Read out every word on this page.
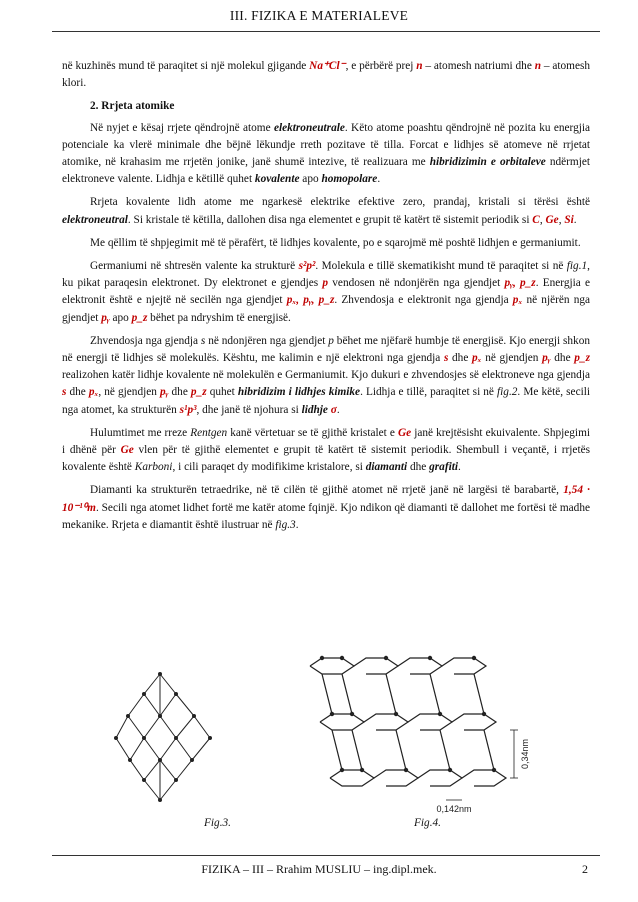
III. FIZIKA E MATERIALEVE

në kuzhinës mund të paraqitet si një molekul gjigande Na⁺Cl⁻, e përbërë prej n – atomesh natriumi dhe n – atomesh klori.

2. Rrjeta atomike

Në nyjet e kësaj rrjete qëndrojnë atome elektroneutrale. Këto atome poashtu qëndrojnë në pozita ku energjia potenciale ka vlerë minimale dhe bëjnë lëkundje rreth pozitave të tilla. Forcat e lidhjes së atomeve në rrjetat atomike, në krahasim me rrjetën jonike, janë shumë intezive, të realizuara me hibridizimin e orbitaleve ndërmjet elektroneve valente. Lidhja e këtillë quhet kovalente apo homopolare.

Rrjeta kovalente lidh atome me ngarkesë elektrike efektive zero, prandaj, kristali si tërësi është elektroneutral. Si kristale të këtilla, dallohen disa nga elementet e grupit të katërt të sistemit periodik si C, Ge, Si.

Me qëllim të shpjegimit më të përafërt, të lidhjes kovalente, po e sqarojmë më poshtë lidhjen e germaniumit.

Germaniumi në shtresën valente ka strukturë s²p². Molekula e tillë skematikisht mund të paraqitet si në fig.1, ku pikat paraqesin elektronet. Dy elektronet e gjendjes p vendosen në ndonjërën nga gjendjet pᵧ, p_z. Energjia e elektronit është e njejtë në secilën nga gjendjet pₓ, pᵧ, p_z. Zhvendosja e elektronit nga gjendja pₓ në njërën nga gjendjet pᵧ apo p_z bëhet pa ndryshim të energjisë.

Zhvendosja nga gjendja s në ndonjëren nga gjendjet p bëhet me njëfarë humbje të energjisë. Kjo energji shkon në energji të lidhjes së molekulës. Kështu, me kalimin e një elektroni nga gjendja s dhe pₓ në gjendjen pᵧ dhe p_z realizohen katër lidhje kovalente në molekulën e Germaniumit. Kjo dukuri e zhvendosjes së elektroneve nga gjendja s dhe pₓ, në gjendjen pᵧ dhe p_z quhet hibridizim i lidhjes kimike. Lidhja e tillë, paraqitet si në fig.2. Me këtë, secili nga atomet, ka strukturën s¹p³, dhe janë të njohura si lidhje σ.

Hulumtimet me rreze Rentgen kanë vërtetuar se të gjithë kristalet e Ge janë krejtësisht ekuivalente. Shpjegimi i dhënë për Ge vlen për të gjithë elementet e grupit të katërt të sistemit periodik. Shembull i veçantë, i rrjetës kovalente është Karboni, i cili paraqet dy modifikime kristalore, si diamanti dhe grafiti.

Diamanti ka strukturën tetraedrike, në të cilën të gjithë atomet në rrjetë janë në largësi të barabartë, 1,54 · 10⁻¹⁰m. Secili nga atomet lidhet fortë me katër atome fqinjë. Kjo ndikon që diamanti të dallohet me fortësi të madhe mekanike. Rrjeta e diamantit është ilustruar në fig.3.

0,34nm
0,142nm
Fig.3.	Fig.4.
FIZIKA – III – Rrahim MUSLIU – ing.dipl.mek.	2
